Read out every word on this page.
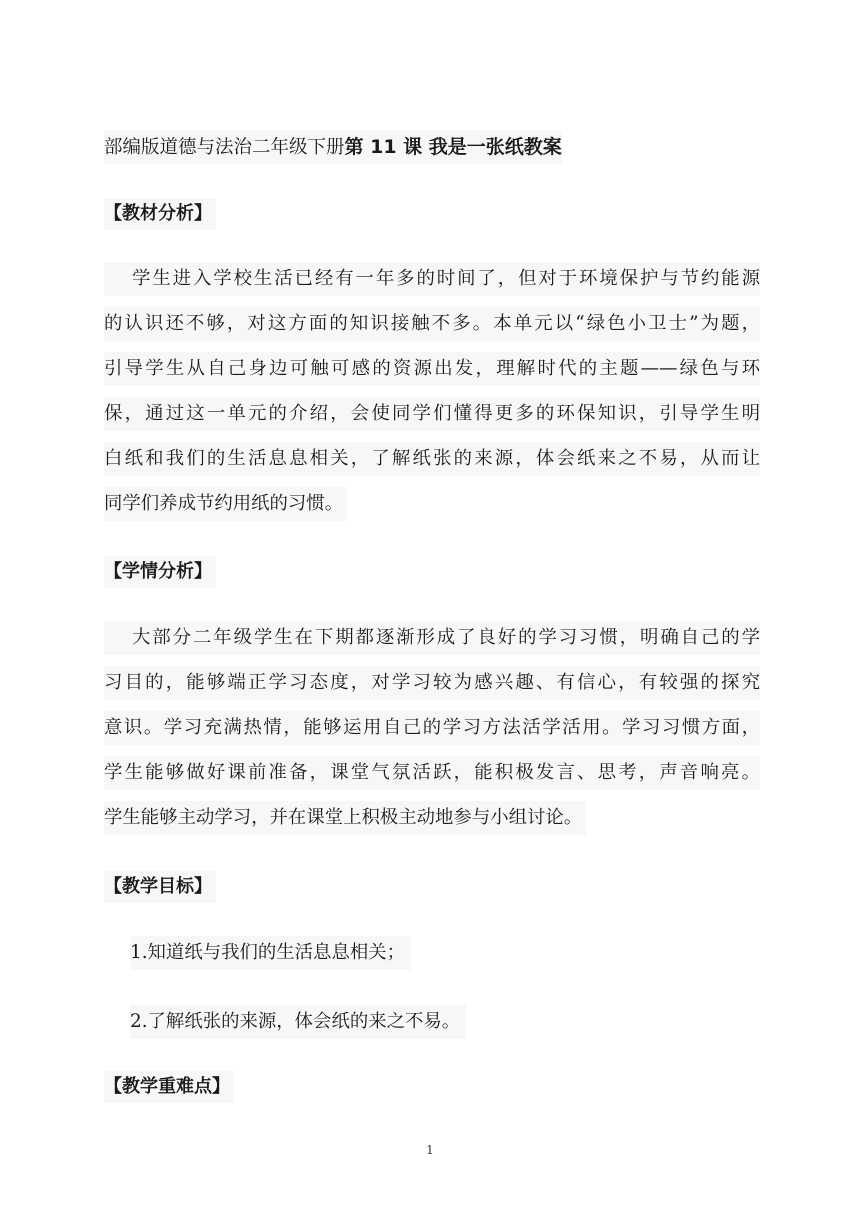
部编版道德与法治二年级下册第 11 课 我是一张纸教案
【教材分析】
学生进入学校生活已经有一年多的时间了，但对于环境保护与节约能源
的认识还不够，对这方面的知识接触不多。本单元以“绿色小卫士”为题，
引导学生从自己身边可触可感的资源出发，理解时代的主题——绿色与环
保，通过这一单元的介绍，会使同学们懂得更多的环保知识，引导学生明
白纸和我们的生活息息相关，了解纸张的来源，体会纸来之不易，从而让
同学们养成节约用纸的习惯。
【学情分析】
大部分二年级学生在下期都逐渐形成了良好的学习习惯，明确自己的学
习目的，能够端正学习态度，对学习较为感兴趣、有信心，有较强的探究
意识。学习充满热情，能够运用自己的学习方法活学活用。学习习惯方面，
学生能够做好课前准备，课堂气氛活跃，能积极发言、思考，声音响亮。
学生能够主动学习，并在课堂上积极主动地参与小组讨论。
【教学目标】
1.知道纸与我们的生活息息相关；
2.了解纸张的来源，体会纸的来之不易。
【教学重难点】
1
